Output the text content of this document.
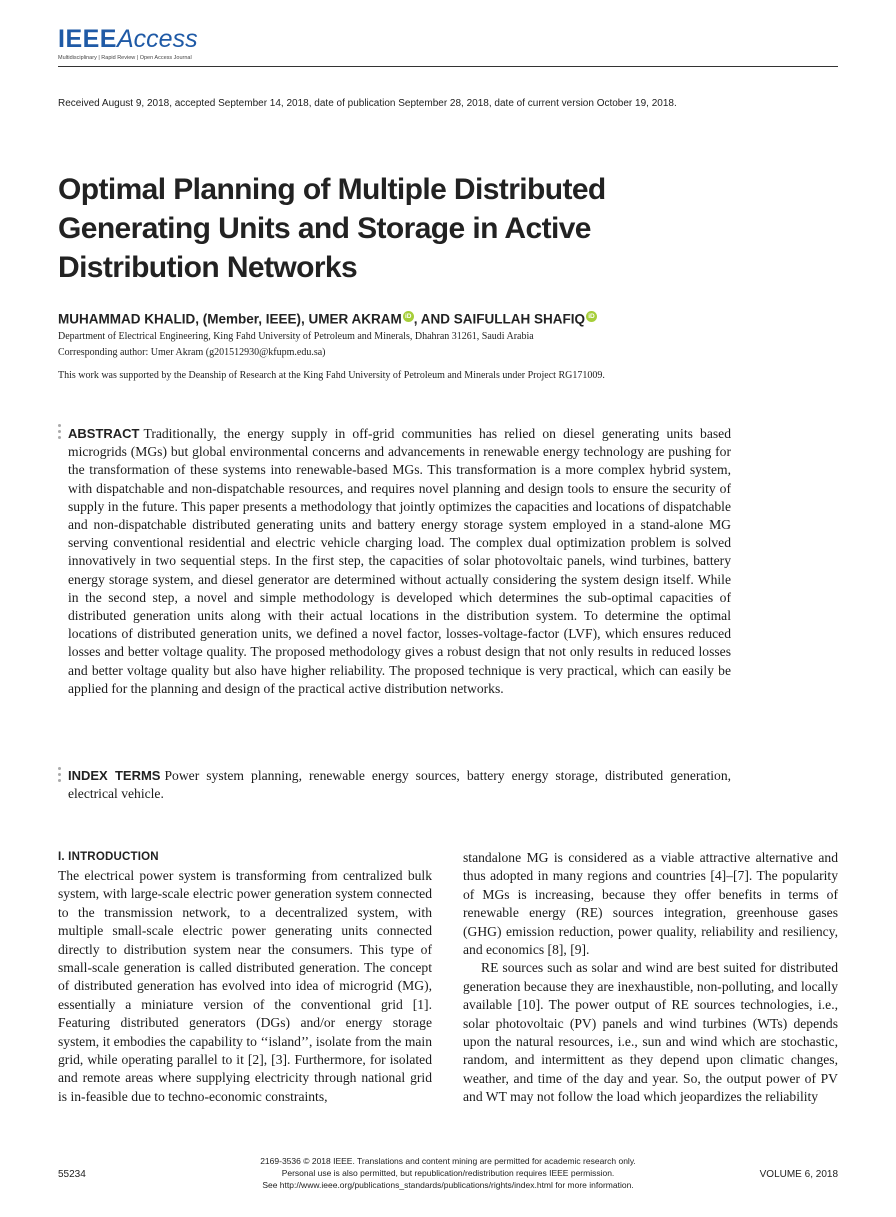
IEEEAccess
Multidisciplinary | Rapid Review | Open Access Journal
Received August 9, 2018, accepted September 14, 2018, date of publication September 28, 2018, date of current version October 19, 2018.
Optimal Planning of Multiple Distributed Generating Units and Storage in Active Distribution Networks
MUHAMMAD KHALID, (Member, IEEE), UMER AKRAM iD , AND SAIFULLAH SHAFIQ iD
Department of Electrical Engineering, King Fahd University of Petroleum and Minerals, Dhahran 31261, Saudi Arabia
Corresponding author: Umer Akram (g201512930@kfupm.edu.sa)
This work was supported by the Deanship of Research at the King Fahd University of Petroleum and Minerals under Project RG171009.

ABSTRACT Traditionally, the energy supply in off-grid communities has relied on diesel generating units based microgrids (MGs) but global environmental concerns and advancements in renewable energy technology are pushing for the transformation of these systems into renewable-based MGs. This transformation is a more complex hybrid system, with dispatchable and non-dispatchable resources, and requires novel planning and design tools to ensure the security of supply in the future. This paper presents a methodology that jointly optimizes the capacities and locations of dispatchable and non-dispatchable distributed generating units and battery energy storage system employed in a stand-alone MG serving conventional residential and electric vehicle charging load. The complex dual optimization problem is solved innovatively in two sequential steps. In the first step, the capacities of solar photovoltaic panels, wind turbines, battery energy storage system, and diesel generator are determined without actually considering the system design itself. While in the second step, a novel and simple methodology is developed which determines the sub-optimal capacities of distributed generation units along with their actual locations in the distribution system. To determine the optimal locations of distributed generation units, we defined a novel factor, losses-voltage-factor (LVF), which ensures reduced losses and better voltage quality. The proposed methodology gives a robust design that not only results in reduced losses and better voltage quality but also have higher reliability. The proposed technique is very practical, which can easily be applied for the planning and design of the practical active distribution networks.

INDEX TERMS Power system planning, renewable energy sources, battery energy storage, distributed generation, electrical vehicle.

I. INTRODUCTION

The electrical power system is transforming from centralized bulk system, with large-scale electric power generation system connected to the transmission network, to a decentralized system, with multiple small-scale electric power generating units connected directly to distribution system near the consumers. This type of small-scale generation is called distributed generation. The concept of distributed generation has evolved into idea of microgrid (MG), essentially a miniature version of the conventional grid [1]. Featuring distributed generators (DGs) and/or energy storage system, it embodies the capability to ‘‘island’’, isolate from the main grid, while operating parallel to it [2], [3]. Furthermore, for isolated and remote areas where supplying electricity through national grid is in-feasible due to techno-economic constraints,

standalone MG is considered as a viable attractive alternative and thus adopted in many regions and countries [4]–[7]. The popularity of MGs is increasing, because they offer benefits in terms of renewable energy (RE) sources integration, greenhouse gases (GHG) emission reduction, power quality, reliability and resiliency, and economics [8], [9].

RE sources such as solar and wind are best suited for distributed generation because they are inexhaustible, non-polluting, and locally available [10]. The power output of RE sources technologies, i.e., solar photovoltaic (PV) panels and wind turbines (WTs) depends upon the natural resources, i.e., sun and wind which are stochastic, random, and intermittent as they depend upon climatic changes, weather, and time of the day and year. So, the output power of PV and WT may not follow the load which jeopardizes the reliability

55234
2169-3536 © 2018 IEEE. Translations and content mining are permitted for academic research only.
Personal use is also permitted, but republication/redistribution requires IEEE permission.
See http://www.ieee.org/publications_standards/publications/rights/index.html for more information.
VOLUME 6, 2018
